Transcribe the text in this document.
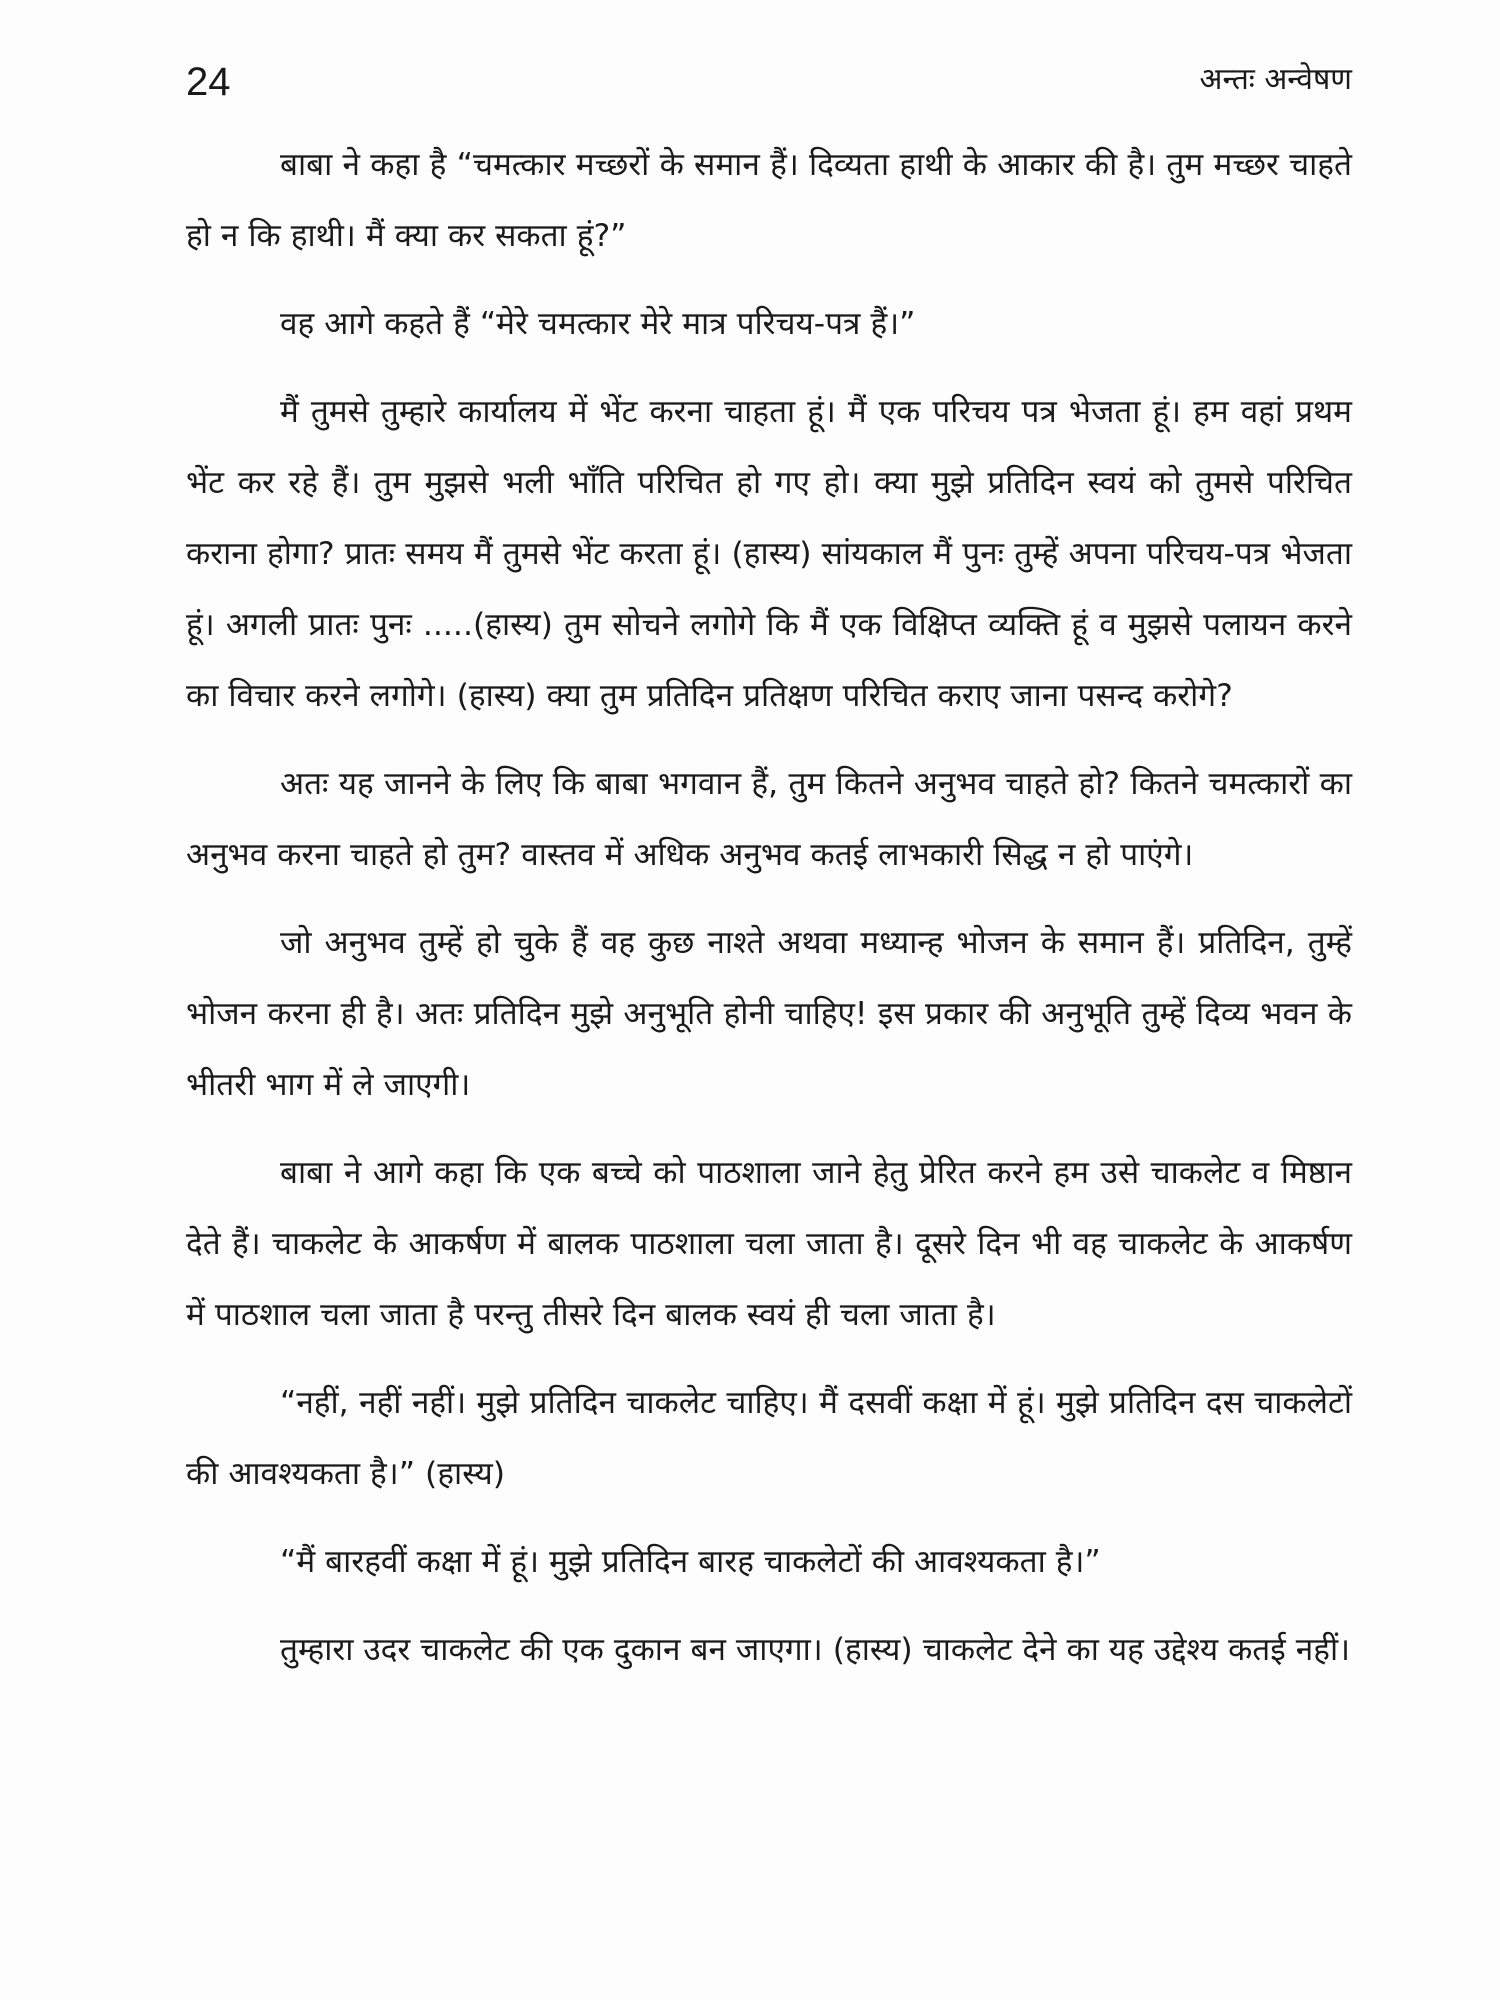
24	अन्तः अन्वेषण

बाबा ने कहा है “चमत्कार मच्छरों के समान हैं। दिव्यता हाथी के आकार की है। तुम मच्छर चाहते हो न कि हाथी। मैं क्या कर सकता हूं?”

वह आगे कहते हैं “मेरे चमत्कार मेरे मात्र परिचय-पत्र हैं।”

मैं तुमसे तुम्हारे कार्यालय में भेंट करना चाहता हूं। मैं एक परिचय पत्र भेजता हूं। हम वहां प्रथम भेंट कर रहे हैं। तुम मुझसे भली भाँति परिचित हो गए हो। क्या मुझे प्रतिदिन स्वयं को तुमसे परिचित कराना होगा? प्रातः समय मैं तुमसे भेंट करता हूं। (हास्य) सांयकाल मैं पुनः तुम्हें अपना परिचय-पत्र भेजता हूं। अगली प्रातः पुनः .....(हास्य) तुम सोचने लगोगे कि मैं एक विक्षिप्त व्यक्ति हूं व मुझसे पलायन करने का विचार करने लगोगे। (हास्य) क्या तुम प्रतिदिन प्रतिक्षण परिचित कराए जाना पसन्द करोगे?

अतः यह जानने के लिए कि बाबा भगवान हैं, तुम कितने अनुभव चाहते हो? कितने चमत्कारों का अनुभव करना चाहते हो तुम? वास्तव में अधिक अनुभव कतई लाभकारी सिद्ध न हो पाएंगे।

जो अनुभव तुम्हें हो चुके हैं वह कुछ नाश्ते अथवा मध्यान्ह भोजन के समान हैं। प्रतिदिन, तुम्हें भोजन करना ही है। अतः प्रतिदिन मुझे अनुभूति होनी चाहिए! इस प्रकार की अनुभूति तुम्हें दिव्य भवन के भीतरी भाग में ले जाएगी।

बाबा ने आगे कहा कि एक बच्चे को पाठशाला जाने हेतु प्रेरित करने हम उसे चाकलेट व मिष्ठान देते हैं। चाकलेट के आकर्षण में बालक पाठशाला चला जाता है। दूसरे दिन भी वह चाकलेट के आकर्षण में पाठशाल चला जाता है परन्तु तीसरे दिन बालक स्वयं ही चला जाता है।

“नहीं, नहीं नहीं। मुझे प्रतिदिन चाकलेट चाहिए। मैं दसवीं कक्षा में हूं। मुझे प्रतिदिन दस चाकलेटों की आवश्यकता है।” (हास्य)

“मैं बारहवीं कक्षा में हूं। मुझे प्रतिदिन बारह चाकलेटों की आवश्यकता है।”

तुम्हारा उदर चाकलेट की एक दुकान बन जाएगा। (हास्य) चाकलेट देने का यह उद्देश्य कतई नहीं।
